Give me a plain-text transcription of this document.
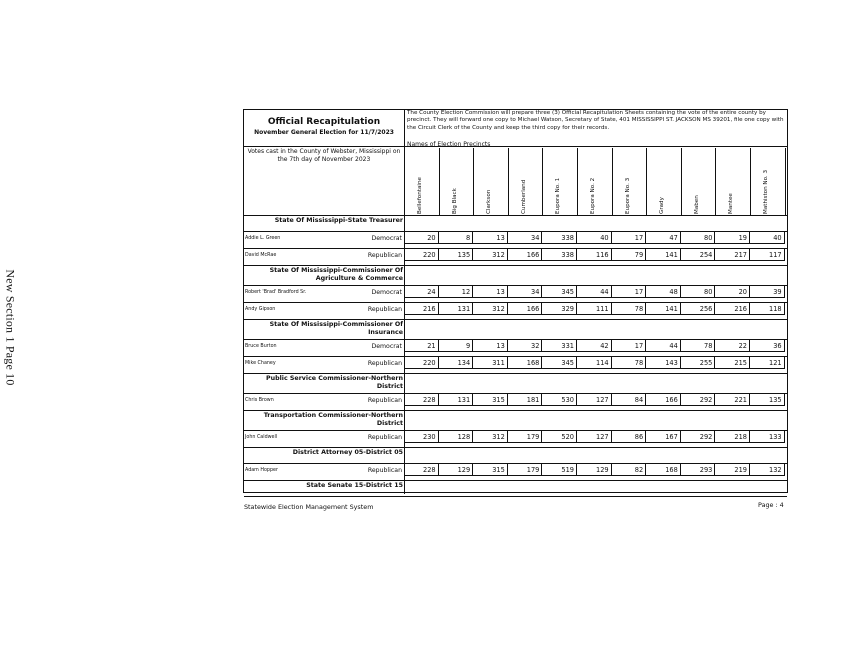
New Section 1 Page 10
Official Recapitulation
November General Election for 11/7/2023
The County Election Commission will prepare three (3) Official Recapitulation Sheets containing the vote of the entire county by precinct. They will forward one copy to Michael Watson, Secretary of State, 401 MISSISSIPPI ST. JACKSON MS 39201, file one copy with the Circuit Clerk of the County and keep the third copy for their records.
Names of Election Precincts
Votes cast in the County of Webster, Mississippi on the 7th day of November 2023
Bellefontaine	Big Black	Clarkson	Cumberland	Eupora No. 1	Eupora No. 2	Eupora No. 3	Grady	Maben	Mantee	Mathiston No. 3
State Of Mississippi-State Treasurer
Addie L. Green	Democrat	20	8	13	34	338	40	17	47	80	19	40
David McRae	Republican	220	135	312	166	338	116	79	141	254	217	117
State Of Mississippi-Commissioner Of Agriculture & Commerce
Robert 'Brad' Bradford Sr.	Democrat	24	12	13	34	345	44	17	48	80	20	39
Andy Gipson	Republican	216	131	312	166	329	111	78	141	256	216	118
State Of Mississippi-Commissioner Of Insurance
Bruce Burton	Democrat	21	9	13	32	331	42	17	44	78	22	36
Mike Chaney	Republican	220	134	311	168	345	114	78	143	255	215	121
Public Service Commissioner-Northern District
Chris Brown	Republican	228	131	315	181	530	127	84	166	292	221	135
Transportation Commissioner-Northern District
John Caldwell	Republican	230	128	312	179	520	127	86	167	292	218	133
District Attorney 05-District 05
Adam Hopper	Republican	228	129	315	179	519	129	82	168	293	219	132
State Senate 15-District 15
Statewide Election Management System	Page : 4
